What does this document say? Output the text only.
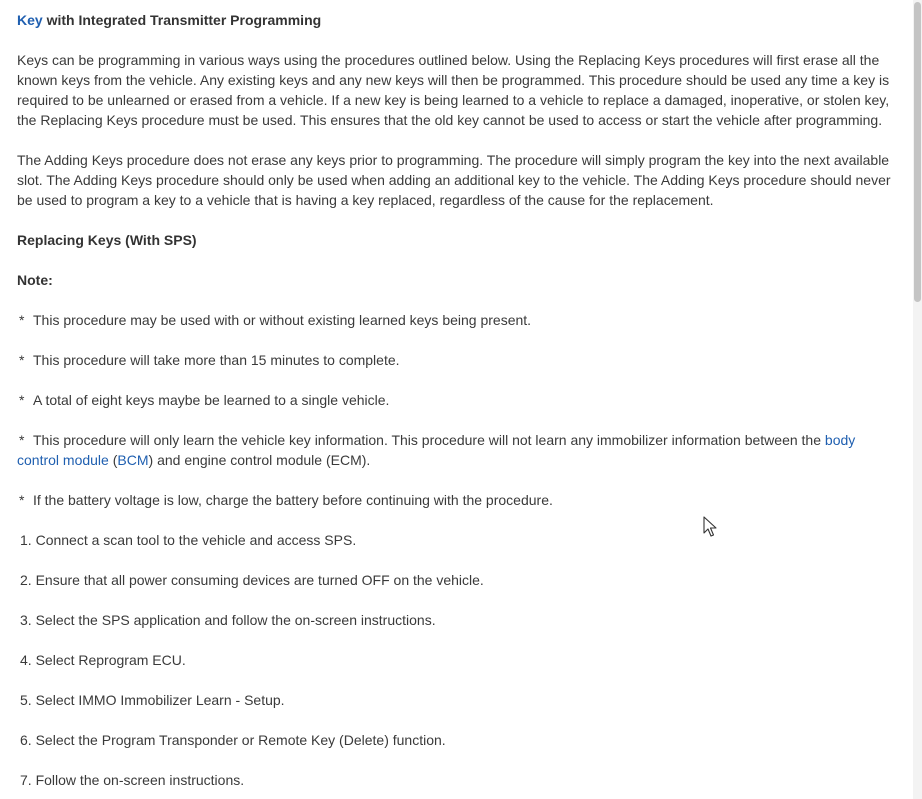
Key with Integrated Transmitter Programming

Keys can be programming in various ways using the procedures outlined below. Using the Replacing Keys procedures will first erase all the known keys from the vehicle. Any existing keys and any new keys will then be programmed. This procedure should be used any time a key is required to be unlearned or erased from a vehicle. If a new key is being learned to a vehicle to replace a damaged, inoperative, or stolen key, the Replacing Keys procedure must be used. This ensures that the old key cannot be used to access or start the vehicle after programming.

The Adding Keys procedure does not erase any keys prior to programming. The procedure will simply program the key into the next available slot. The Adding Keys procedure should only be used when adding an additional key to the vehicle. The Adding Keys procedure should never be used to program a key to a vehicle that is having a key replaced, regardless of the cause for the replacement.

Replacing Keys (With SPS)

Note:

* This procedure may be used with or without existing learned keys being present.

* This procedure will take more than 15 minutes to complete.

* A total of eight keys maybe be learned to a single vehicle.

* This procedure will only learn the vehicle key information. This procedure will not learn any immobilizer information between the body control module (BCM) and engine control module (ECM).

* If the battery voltage is low, charge the battery before continuing with the procedure.

1. Connect a scan tool to the vehicle and access SPS.

2. Ensure that all power consuming devices are turned OFF on the vehicle.

3. Select the SPS application and follow the on-screen instructions.

4. Select Reprogram ECU.

5. Select IMMO Immobilizer Learn - Setup.

6. Select the Program Transponder or Remote Key (Delete) function.

7. Follow the on-screen instructions.
